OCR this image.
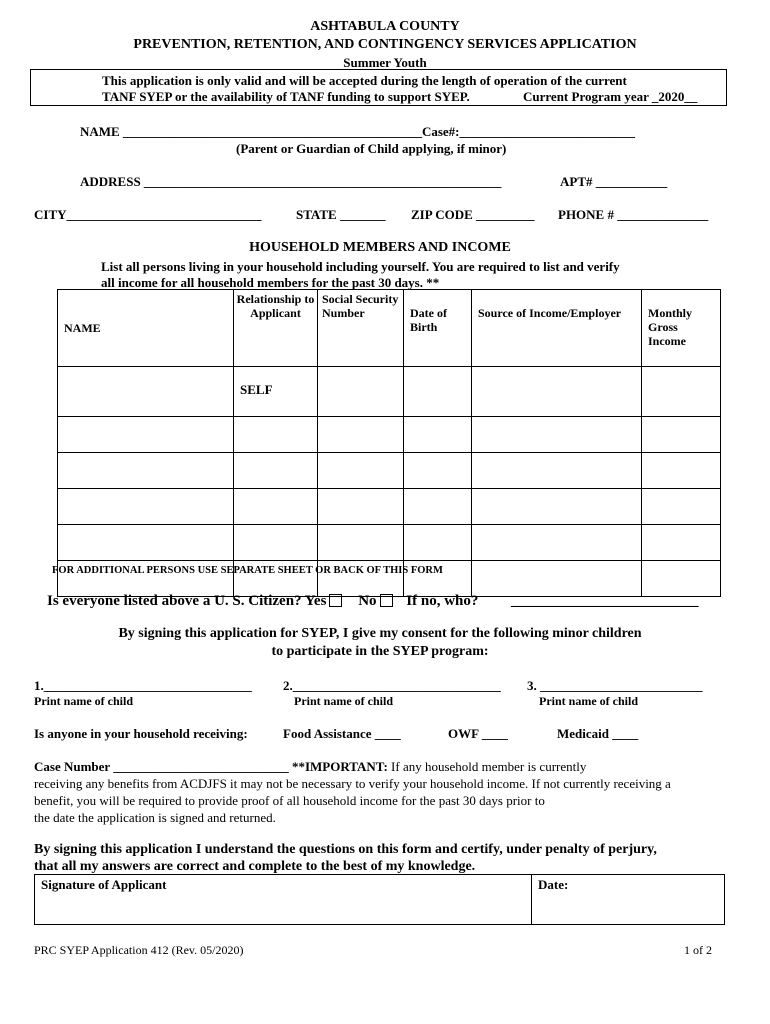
ASHTABULA COUNTY
PREVENTION, RETENTION, AND CONTINGENCY SERVICES APPLICATION
Summer Youth
This application is only valid and will be accepted during the length of operation of the current
TANF SYEP or the availability of TANF funding to support SYEP.	Current Program year _2020__
NAME ______________________________________________Case#:___________________________
(Parent or Guardian of Child applying, if minor)
ADDRESS _______________________________________________________	APT# ___________
CITY______________________________	STATE _______ ZIP CODE _________ PHONE # ______________
HOUSEHOLD MEMBERS AND INCOME
List all persons living in your household including yourself. You are required to list and verify
all income for all household members for the past 30 days. **
NAME	Relationship to Applicant	Social Security Number	Date of Birth	Source of Income/Employer	Monthly Gross Income
	SELF				

FOR ADDITIONAL PERSONS USE SEPARATE SHEET OR BACK OF THIS FORM
Is everyone listed above a U. S. Citizen? Yes No If no, who? _________________________
By signing this application for SYEP, I give my consent for the following minor children
to participate in the SYEP program:
1.________________________________ 2.________________________________ 3. _________________________
Print name of child	Print name of child	Print name of child
Is anyone in your household receiving:	Food Assistance ____	OWF ____	Medicaid ____
Case Number ___________________________ **IMPORTANT: If any household member is currently
receiving any benefits from ACDJFS it may not be necessary to verify your household income. If not currently receiving a
benefit, you will be required to provide proof of all household income for the past 30 days prior to
the date the application is signed and returned.
By signing this application I understand the questions on this form and certify, under penalty of perjury,
that all my answers are correct and complete to the best of my knowledge.
Signature of Applicant	Date:
PRC SYEP Application 412 (Rev. 05/2020)	1 of 2
